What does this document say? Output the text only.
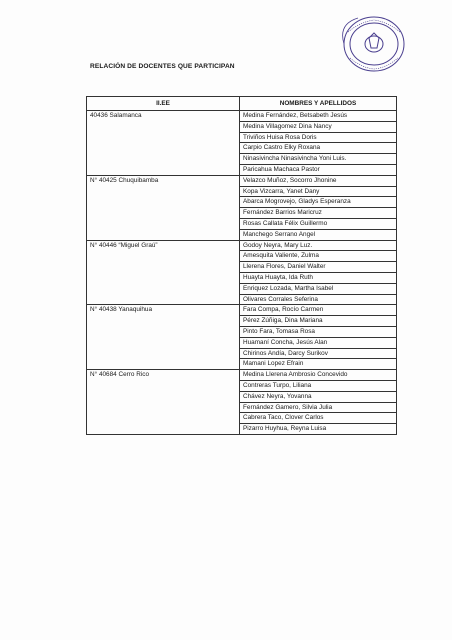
RELACIÓN DE DOCENTES QUE PARTICIPAN
II.EE	NOMBRES Y APELLIDOS
40436 Salamanca	Medina Fernández, Betsabeth Jesús
	Medina Villagomez Dina Nancy
	Triviños Huisa Rosa Doris
	Carpio Castro Elky Roxana
	Ninasivincha Ninasivincha Yoni Luis.
	Paricahua Machaca Pastor
N° 40425 Chuquibamba	Velazco Muñoz, Socorro Jhonine
	Kopa Vizcarra, Yanet Dany
	Abarca Mogrovejo, Gladys Esperanza
	Fernández Barrios Maricruz
	Rosas Callata Félix Guillermo
	Manchego Serrano Angel
N° 40446 “Miguel Graú”	Godoy Neyra, Mary Luz.
	Amesquita Valiente, Zulma
	Llerena Flores, Daniel Walter
	Huayta Huayta, Ida Ruth
	Enriquez Lozada, Martha Isabel
	Olivares Corrales Seferina
N° 40438 Yanaquihua	Fara Compa, Rocío Carmen
	Pérez Zúñiga, Dina Mariana
	Pinto Fara, Tomasa Rosa
	Huamaní Concha, Jesús Alan
	Chirinos Andía, Darcy Surikov
	Mamani Lopez Efrain
N° 40684 Cerro Rico	Medina Llerena Ambrosio Concevido
	Contreras Turpo, Liliana
	Chávez Neyra, Yovanna
	Fernández Gamero, Silvia Julia
	Cabrera Taco, Clover Carlos
	Pizarro Huyhua, Reyna Luisa
